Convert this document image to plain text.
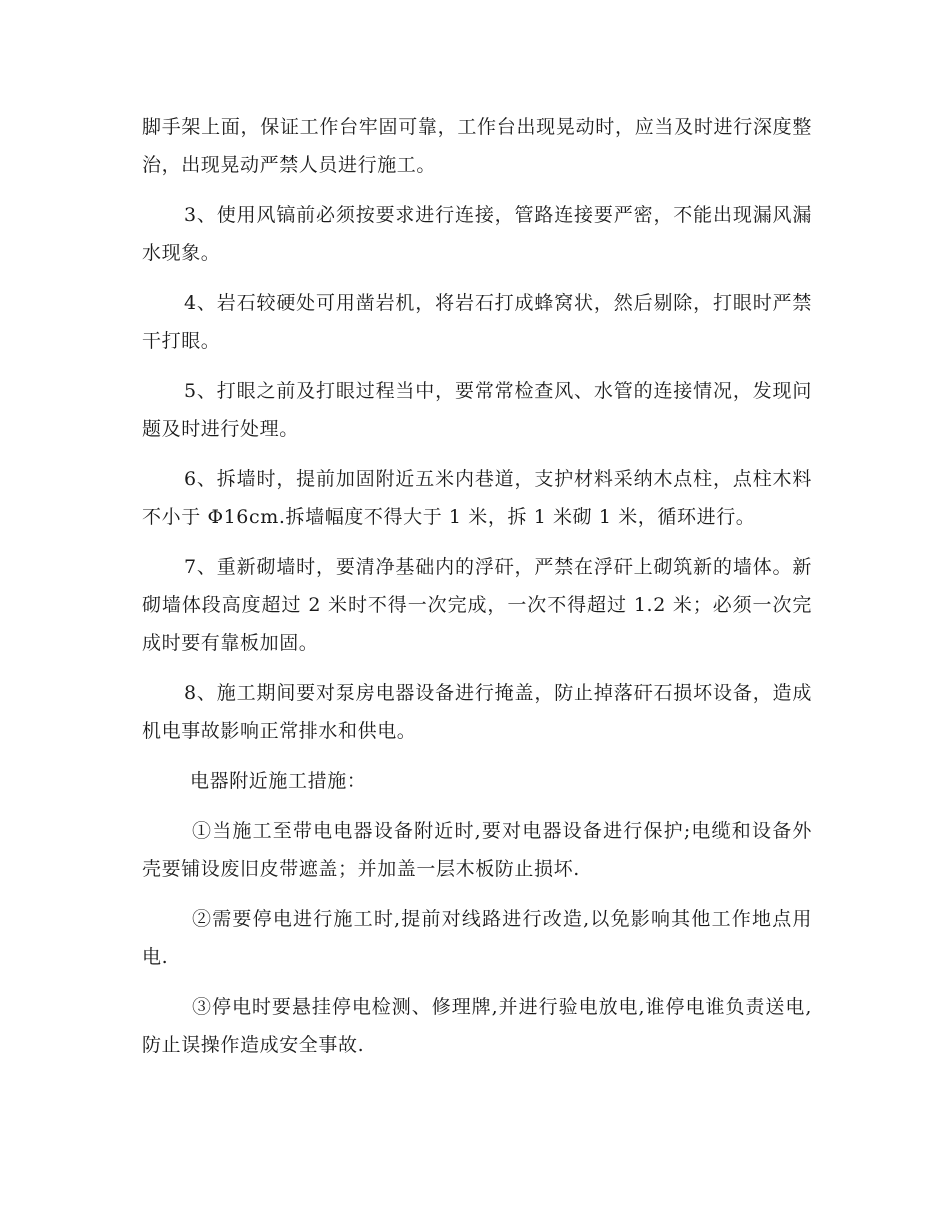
脚手架上面，保证工作台牢固可靠，工作台出现晃动时，应当及时进行深度整治，出现晃动严禁人员进行施工。

3、使用风镐前必须按要求进行连接，管路连接要严密，不能出现漏风漏水现象。

4、岩石较硬处可用凿岩机，将岩石打成蜂窝状，然后剔除，打眼时严禁干打眼。

5、打眼之前及打眼过程当中，要常常检查风、水管的连接情况，发现问题及时进行处理。

6、拆墙时，提前加固附近五米内巷道，支护材料采纳木点柱，点柱木料不小于 Φ16cm.拆墙幅度不得大于 1 米，拆 1 米砌 1 米，循环进行。

7、重新砌墙时，要清净基础内的浮矸，严禁在浮矸上砌筑新的墙体。新砌墙体段高度超过 2 米时不得一次完成，一次不得超过 1.2 米；必须一次完成时要有靠板加固。

8、施工期间要对泵房电器设备进行掩盖，防止掉落矸石损坏设备，造成机电事故影响正常排水和供电。

电器附近施工措施：

①当施工至带电电器设备附近时,要对电器设备进行保护;电缆和设备外壳要铺设废旧皮带遮盖；并加盖一层木板防止损坏.

②需要停电进行施工时,提前对线路进行改造,以免影响其他工作地点用电.

③停电时要悬挂停电检测、修理牌,并进行验电放电,谁停电谁负责送电,防止误操作造成安全事故.
